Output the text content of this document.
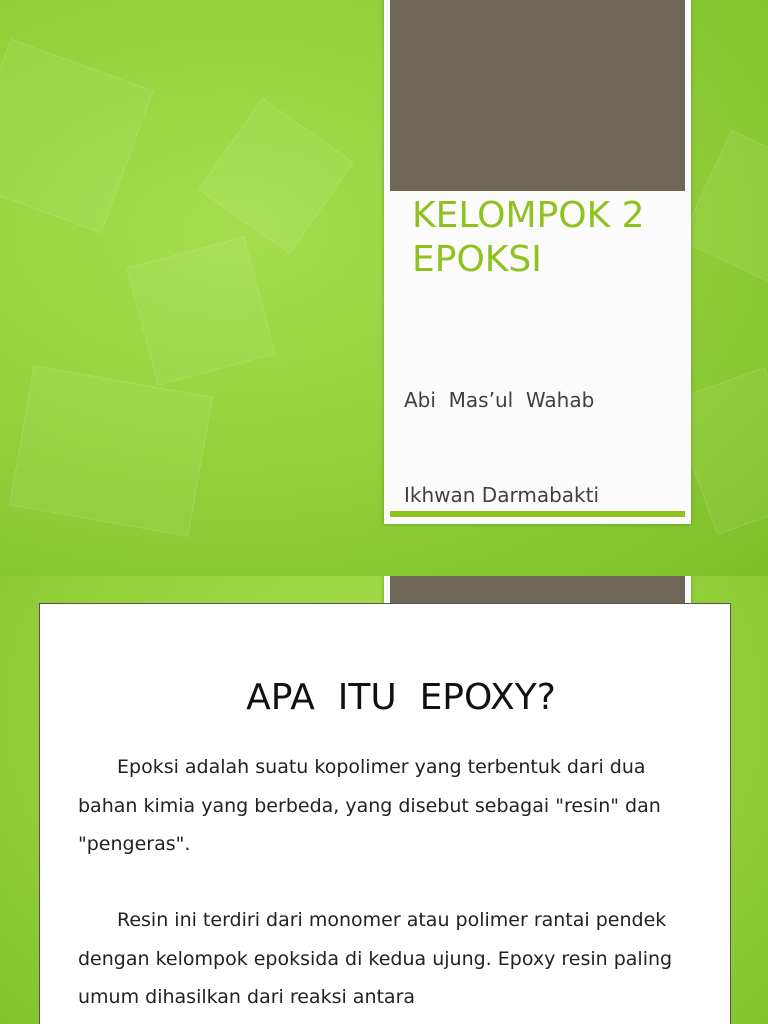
KELOMPOK 2
EPOKSI

Abi  Mas’ul  Wahab

Ikhwan Darmabakti

APA  ITU  EPOXY?

Epoksi adalah suatu kopolimer yang terbentuk dari dua bahan kimia yang berbeda, yang disebut sebagai "resin" dan "pengeras".

Resin ini terdiri dari monomer atau polimer rantai pendek dengan kelompok epoksida di kedua ujung. Epoxy resin paling umum dihasilkan dari reaksi antara
